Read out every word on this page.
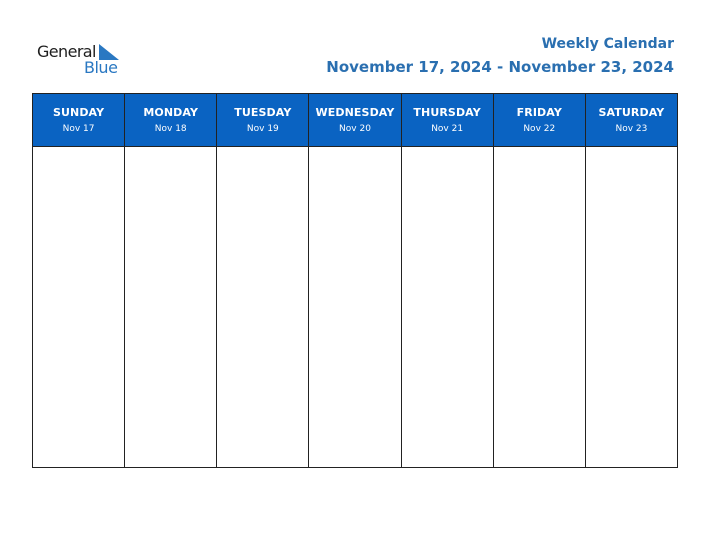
General
Blue
Weekly Calendar
November 17, 2024 - November 23, 2024
SUNDAY
Nov 17
MONDAY
Nov 18
TUESDAY
Nov 19
WEDNESDAY
Nov 20
THURSDAY
Nov 21
FRIDAY
Nov 22
SATURDAY
Nov 23
